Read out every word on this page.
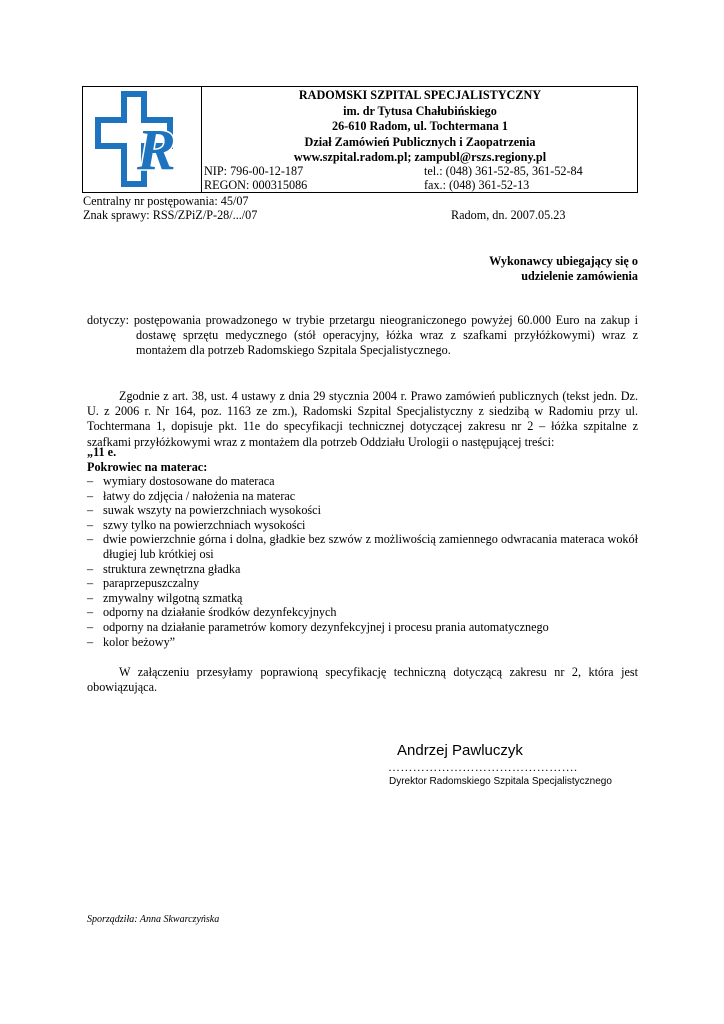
R
RADOMSKI SZPITAL SPECJALISTYCZNY
im. dr Tytusa Chałubińskiego
26-610 Radom, ul. Tochtermana 1
Dział Zamówień Publicznych i Zaopatrzenia
www.szpital.radom.pl; zampubl@rszs.regiony.pl
NIP: 796-00-12-187	tel.: (048) 361-52-85, 361-52-84
REGON: 000315086	fax.: (048) 361-52-13
Centralny nr postępowania: 45/07
Znak sprawy: RSS/ZPiZ/P-28/.../07	Radom, dn. 2007.05.23
Wykonawcy ubiegający się o
udzielenie zamówienia
dotyczy: postępowania prowadzonego w trybie przetargu nieograniczonego powyżej 60.000 Euro na zakup i dostawę sprzętu medycznego (stół operacyjny, łóżka wraz z szafkami przyłóżkowymi) wraz z montażem dla potrzeb Radomskiego Szpitala Specjalistycznego.
Zgodnie z art. 38, ust. 4 ustawy z dnia 29 stycznia 2004 r. Prawo zamówień publicznych (tekst jedn. Dz. U. z 2006 r. Nr 164, poz. 1163 ze zm.), Radomski Szpital Specjalistyczny z siedzibą w Radomiu przy ul. Tochtermana 1, dopisuje pkt. 11e do specyfikacji technicznej dotyczącej zakresu nr 2 – łóżka szpitalne z szafkami przyłóżkowymi wraz z montażem dla potrzeb Oddziału Urologii o następującej treści:
„11 e.
Pokrowiec na materac:
– wymiary dostosowane do materaca
– łatwy do zdjęcia / nałożenia na materac
– suwak wszyty na powierzchniach wysokości
– szwy tylko na powierzchniach wysokości
– dwie powierzchnie górna i dolna, gładkie bez szwów z możliwością zamiennego odwracania materaca wokół długiej lub krótkiej osi
– struktura zewnętrzna gładka
– paraprzepuszczalny
– zmywalny wilgotną szmatką
– odporny na działanie środków dezynfekcyjnych
– odporny na działanie parametrów komory dezynfekcyjnej i procesu prania automatycznego
– kolor beżowy”
W załączeniu przesyłamy poprawioną specyfikację techniczną dotyczącą zakresu nr 2, która jest obowiązująca.
Andrzej Pawluczyk
……………………………………….
Dyrektor Radomskiego Szpitala Specjalistycznego
Sporządziła: Anna Skwarczyńska
